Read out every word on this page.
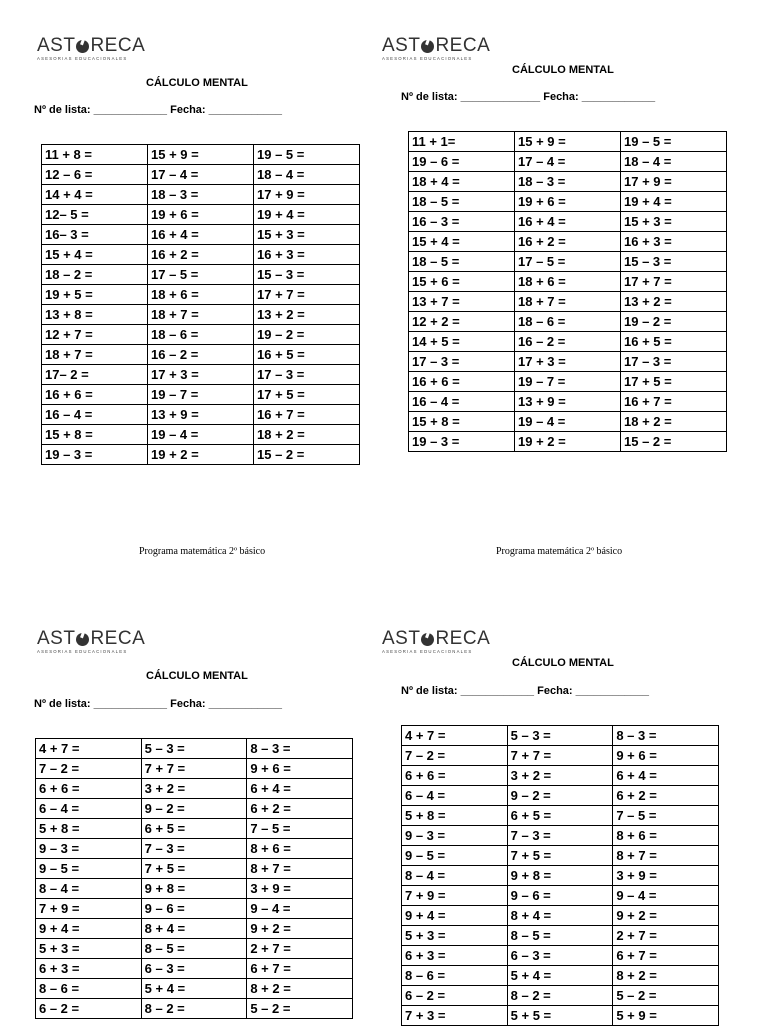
AST RECA
ASESORIAS EDUCACIONALES
CÁLCULO MENTAL
Nº de lista: ____________ Fecha: ____________
11 + 8 =	15 + 9 =	19 – 5 =
12 – 6 =	17 – 4 =	18 – 4 =
14 + 4 =	18 – 3 =	17 + 9 =
12– 5 =	19 + 6 =	19 + 4 =
16– 3 =	16 + 4 =	15 + 3 =
15 + 4 =	16 + 2 =	16 + 3 =
18 – 2 =	17 – 5 =	15 – 3 =
19 + 5 =	18 + 6 =	17 + 7 =
13 + 8 =	18 + 7 =	13 + 2 =
12 + 7 =	18 – 6 =	19 – 2 =
18 + 7 =	16 – 2 =	16 + 5 =
17– 2 =	17 + 3 =	17 – 3 =
16 + 6 =	19 – 7 =	17 + 5 =
16 – 4 =	13 + 9 =	16 + 7 =
15 + 8 =	19 – 4 =	18 + 2 =
19 – 3 =	19 + 2 =	15 – 2 =
Programa matemática 2º básico
AST RECA
ASESORIAS EDUCACIONALES
CÁLCULO MENTAL
Nº de lista: _____________ Fecha: ____________
11 + 1=	15 + 9 =	19 – 5 =
19 – 6 =	17 – 4 =	18 – 4 =
18 + 4 =	18 – 3 =	17 + 9 =
18 – 5 =	19 + 6 =	19 + 4 =
16 – 3 =	16 + 4 =	15 + 3 =
15 + 4 =	16 + 2 =	16 + 3 =
18 – 5 =	17 – 5 =	15 – 3 =
15 + 6 =	18 + 6 =	17 + 7 =
13 + 7 =	18 + 7 =	13 + 2 =
12 + 2 =	18 – 6 =	19 – 2 =
14 + 5 =	16 – 2 =	16 + 5 =
17 – 3 =	17 + 3 =	17 – 3 =
16 + 6 =	19 – 7 =	17 + 5 =
16 – 4 =	13 + 9 =	16 + 7 =
15 + 8 =	19 – 4 =	18 + 2 =
19 – 3 =	19 + 2 =	15 – 2 =
Programa matemática 2º básico
AST RECA
ASESORIAS EDUCACIONALES
CÁLCULO MENTAL
Nº de lista: ____________ Fecha: ____________
4 + 7 =	5 – 3 =	8 – 3 =
7 – 2 =	7 + 7 =	9 + 6 =
6 + 6 =	3 + 2 =	6 + 4 =
6 – 4 =	9 – 2 =	6 + 2 =
5 + 8 =	6 + 5 =	7 – 5 =
9 – 3 =	7 – 3 =	8 + 6 =
9 – 5 =	7 + 5 =	8 + 7 =
8 – 4 =	9 + 8 =	3 + 9 =
7 + 9 =	9 – 6 =	9 – 4 =
9 + 4 =	8 + 4 =	9 + 2 =
5 + 3 =	8 – 5 =	2 + 7 =
6 + 3 =	6 – 3 =	6 + 7 =
8 – 6 =	5 + 4 =	8 + 2 =
6 – 2 =	8 – 2 =	5 – 2 =
AST RECA
ASESORIAS EDUCACIONALES
CÁLCULO MENTAL
Nº de lista: ____________ Fecha: ____________
4 + 7 =	5 – 3 =	8 – 3 =
7 – 2 =	7 + 7 =	9 + 6 =
6 + 6 =	3 + 2 =	6 + 4 =
6 – 4 =	9 – 2 =	6 + 2 =
5 + 8 =	6 + 5 =	7 – 5 =
9 – 3 =	7 – 3 =	8 + 6 =
9 – 5 =	7 + 5 =	8 + 7 =
8 – 4 =	9 + 8 =	3 + 9 =
7 + 9 =	9 – 6 =	9 – 4 =
9 + 4 =	8 + 4 =	9 + 2 =
5 + 3 =	8 – 5 =	2 + 7 =
6 + 3 =	6 – 3 =	6 + 7 =
8 – 6 =	5 + 4 =	8 + 2 =
6 – 2 =	8 – 2 =	5 – 2 =
7 + 3 =	5 + 5 =	5 + 9 =
